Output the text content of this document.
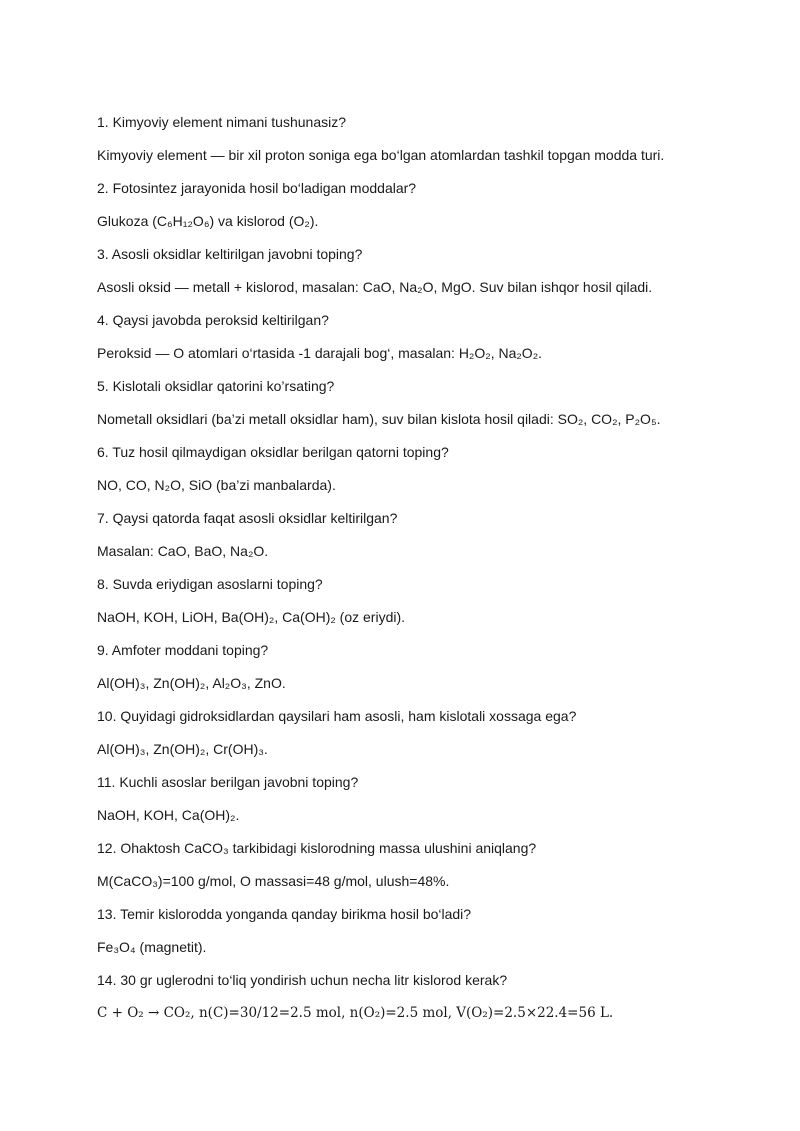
1. Kimyoviy element nimani tushunasiz?
Kimyoviy element — bir xil proton soniga ega bo‘lgan atomlardan tashkil topgan modda turi.
2. Fotosintez jarayonida hosil bo‘ladigan moddalar?
Glukoza (C₆H₁₂O₆) va kislorod (O₂).
3. Asosli oksidlar keltirilgan javobni toping?
Asosli oksid — metall + kislorod, masalan: CaO, Na₂O, MgO. Suv bilan ishqor hosil qiladi.
4. Qaysi javobda peroksid keltirilgan?
Peroksid — O atomlari o‘rtasida -1 darajali bog‘, masalan: H₂O₂, Na₂O₂.
5. Kislotali oksidlar qatorini ko’rsating?
Nometall oksidlari (ba’zi metall oksidlar ham), suv bilan kislota hosil qiladi: SO₂, CO₂, P₂O₅.
6. Tuz hosil qilmaydigan oksidlar berilgan qatorni toping?
NO, CO, N₂O, SiO (ba’zi manbalarda).
7. Qaysi qatorda faqat asosli oksidlar keltirilgan?
Masalan: CaO, BaO, Na₂O.
8. Suvda eriydigan asoslarni toping?
NaOH, KOH, LiOH, Ba(OH)₂, Ca(OH)₂ (oz eriydi).
9. Amfoter moddani toping?
Al(OH)₃, Zn(OH)₂, Al₂O₃, ZnO.
10. Quyidagi gidroksidlardan qaysilari ham asosli, ham kislotali xossaga ega?
Al(OH)₃, Zn(OH)₂, Cr(OH)₃.
11. Kuchli asoslar berilgan javobni toping?
NaOH, KOH, Ca(OH)₂.
12. Ohaktosh CaCO₃ tarkibidagi kislorodning massa ulushini aniqlang?
M(CaCO₃)=100 g/mol, O massasi=48 g/mol, ulush=48%.
13. Temir kislorodda yonganda qanday birikma hosil bo‘ladi?
Fe₃O₄ (magnetit).
14. 30 gr uglerodni to‘liq yondirish uchun necha litr kislorod kerak?
C + O₂ → CO₂, n(C)=30/12=2.5 mol, n(O₂)=2.5 mol, V(O₂)=2.5×22.4=56 L.
